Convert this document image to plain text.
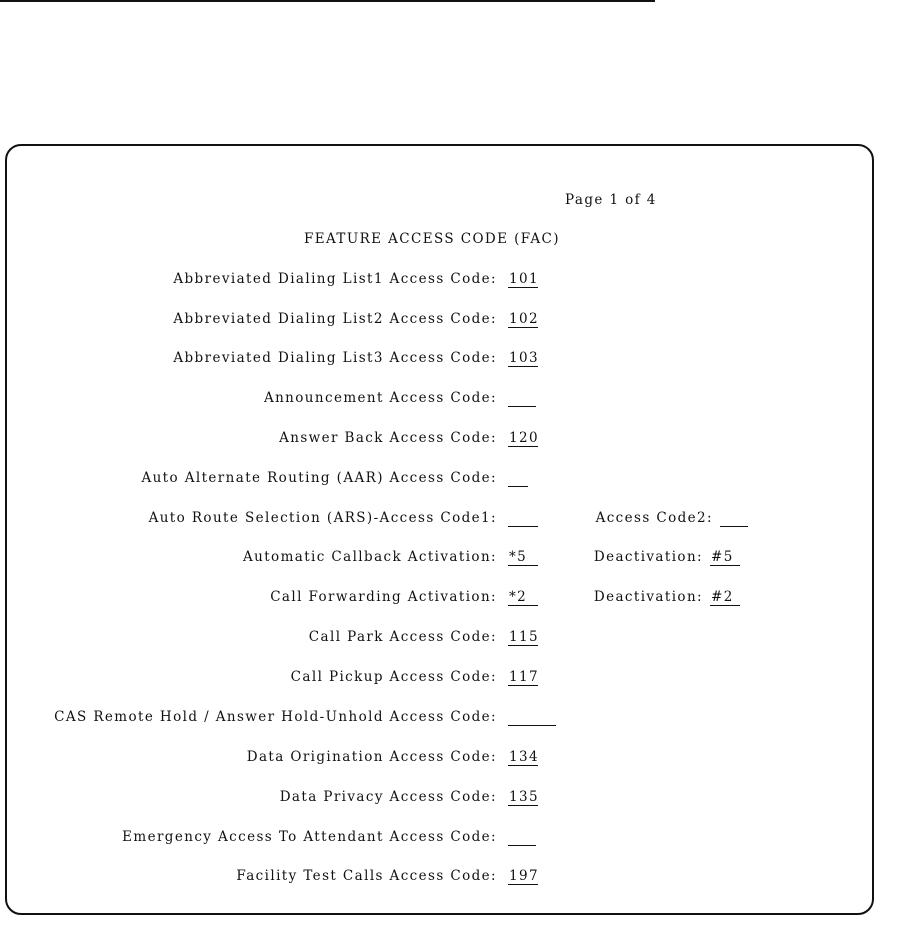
Page 1 of 4
FEATURE ACCESS CODE (FAC)
Abbreviated Dialing List1 Access Code: 101
Abbreviated Dialing List2 Access Code: 102
Abbreviated Dialing List3 Access Code: 103
Announcement Access Code:
Answer Back Access Code: 120
Auto Alternate Routing (AAR) Access Code:
Auto Route Selection (ARS)-Access Code1:	Access Code2:
Automatic Callback Activation: *5	Deactivation: #5
Call Forwarding Activation: *2	Deactivation: #2
Call Park Access Code: 115
Call Pickup Access Code: 117
CAS Remote Hold / Answer Hold-Unhold Access Code:
Data Origination Access Code: 134
Data Privacy Access Code: 135
Emergency Access To Attendant Access Code:
Facility Test Calls Access Code: 197
